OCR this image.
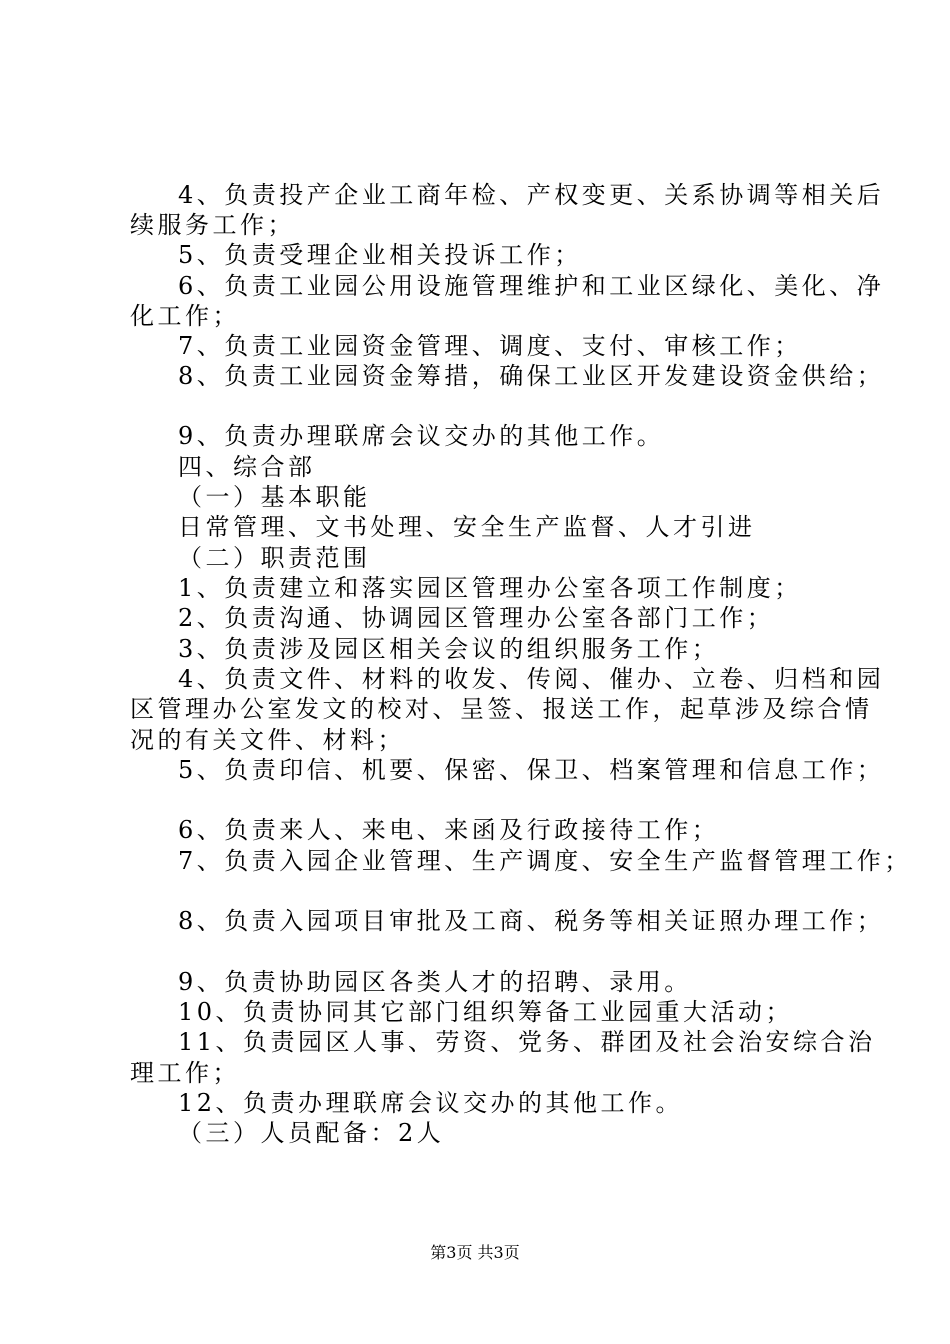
4、负责投产企业工商年检、产权变更、关系协调等相关后
续服务工作；
5、负责受理企业相关投诉工作；
6、负责工业园公用设施管理维护和工业区绿化、美化、净
化工作；
7、负责工业园资金管理、调度、支付、审核工作；
8、负责工业园资金筹措，确保工业区开发建设资金供给；
9、负责办理联席会议交办的其他工作。
四、综合部
（一）基本职能
日常管理、文书处理、安全生产监督、人才引进
（二）职责范围
1、负责建立和落实园区管理办公室各项工作制度；
2、负责沟通、协调园区管理办公室各部门工作；
3、负责涉及园区相关会议的组织服务工作；
4、负责文件、材料的收发、传阅、催办、立卷、归档和园
区管理办公室发文的校对、呈签、报送工作，起草涉及综合情
况的有关文件、材料；
5、负责印信、机要、保密、保卫、档案管理和信息工作；
6、负责来人、来电、来函及行政接待工作；
7、负责入园企业管理、生产调度、安全生产监督管理工作；
8、负责入园项目审批及工商、税务等相关证照办理工作；
9、负责协助园区各类人才的招聘、录用。
10、负责协同其它部门组织筹备工业园重大活动；
11、负责园区人事、劳资、党务、群团及社会治安综合治
理工作；
12、负责办理联席会议交办的其他工作。
（三）人员配备：2人
第3页 共3页
